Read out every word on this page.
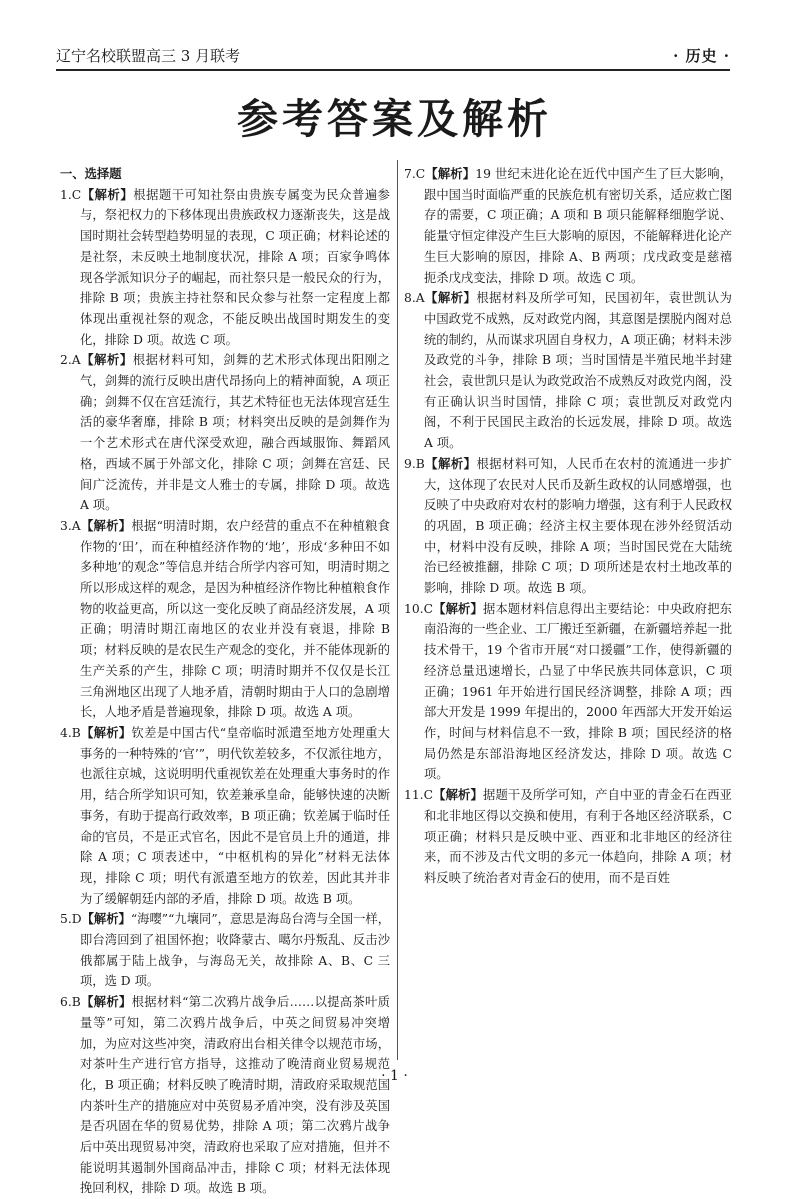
辽宁名校联盟高三 3 月联考	· 历史 ·
参考答案及解析
一、选择题

1.C【解析】根据题干可知社祭由贵族专属变为民众普遍参与，祭祀权力的下移体现出贵族政权力逐渐丧失，这是战国时期社会转型趋势明显的表现，C 项正确；材料论述的是社祭，未反映土地制度状况，排除 A 项；百家争鸣体现各学派知识分子的崛起，而社祭只是一般民众的行为，排除 B 项；贵族主持社祭和民众参与社祭一定程度上都体现出重视社祭的观念，不能反映出战国时期发生的变化，排除 D 项。故选 C 项。

2.A【解析】根据材料可知，剑舞的艺术形式体现出阳刚之气，剑舞的流行反映出唐代昂扬向上的精神面貌，A 项正确；剑舞不仅在宫廷流行，其艺术特征也无法体现宫廷生活的豪华奢靡，排除 B 项；材料突出反映的是剑舞作为一个艺术形式在唐代深受欢迎，融合西域服饰、舞蹈风格，西域不属于外部文化，排除 C 项；剑舞在宫廷、民间广泛流传，并非是文人雅士的专属，排除 D 项。故选 A 项。

3.A【解析】根据“明清时期，农户经营的重点不在种植粮食作物的‘田’，而在种植经济作物的‘地’，形成‘多种田不如多种地’的观念”等信息并结合所学内容可知，明清时期之所以形成这样的观念，是因为种植经济作物比种植粮食作物的收益更高，所以这一变化反映了商品经济发展，A 项正确；明清时期江南地区的农业并没有衰退，排除 B 项；材料反映的是农民生产观念的变化，并不能体现新的生产关系的产生，排除 C 项；明清时期并不仅仅是长江三角洲地区出现了人地矛盾，清朝时期由于人口的急剧增长，人地矛盾是普遍现象，排除 D 项。故选 A 项。

4.B【解析】钦差是中国古代“皇帝临时派遣至地方处理重大事务的一种特殊的‘官’”，明代钦差较多，不仅派往地方，也派往京城，这说明明代重视钦差在处理重大事务时的作用，结合所学知识可知，钦差兼承皇命，能够快速的决断事务，有助于提高行政效率，B 项正确；钦差属于临时任命的官员，不是正式官名，因此不是官员上升的通道，排除 A 项；C 项表述中，“中枢机构的异化”材料无法体现，排除 C 项；明代有派遣至地方的钦差，因此其并非为了缓解朝廷内部的矛盾，排除 D 项。故选 B 项。

5.D【解析】“海嘤”“九壤同”，意思是海岛台湾与全国一样，即台湾回到了祖国怀抱；收降蒙古、噶尔丹叛乱、反击沙俄都属于陆上战争，与海岛无关，故排除 A、B、C 三项，选 D 项。

6.B【解析】根据材料“第二次鸦片战争后……以提高茶叶质量等”可知，第二次鸦片战争后，中英之间贸易冲突增加，为应对这些冲突，清政府出台相关律令以规范市场，对茶叶生产进行官方指导，这推动了晚清商业贸易规范化，B 项正确；材料反映了晚清时期，清政府采取规范国内茶叶生产的措施应对中英贸易矛盾冲突，没有涉及英国是否巩固在华的贸易优势，排除 A 项；第二次鸦片战争后中英出现贸易冲突，清政府也采取了应对措施，但并不能说明其遏制外国商品冲击，排除 C 项；材料无法体现挽回利权，排除 D 项。故选 B 项。

7.C【解析】19 世纪末进化论在近代中国产生了巨大影响，跟中国当时面临严重的民族危机有密切关系，适应救亡图存的需要，C 项正确；A 项和 B 项只能解释细胞学说、能量守恒定律没产生巨大影响的原因，不能解释进化论产生巨大影响的原因，排除 A、B 两项；戊戌政变是慈禧扼杀戊戌变法，排除 D 项。故选 C 项。

8.A【解析】根据材料及所学可知，民国初年，袁世凯认为中国政党不成熟，反对政党内阁，其意图是摆脱内阁对总统的制约，从而谋求巩固自身权力，A 项正确；材料未涉及政党的斗争，排除 B 项；当时国情是半殖民地半封建社会，袁世凯只是认为政党政治不成熟反对政党内阁，没有正确认识当时国情，排除 C 项；袁世凯反对政党内阁，不利于民国民主政治的长远发展，排除 D 项。故选 A 项。

9.B【解析】根据材料可知，人民币在农村的流通进一步扩大，这体现了农民对人民币及新生政权的认同感增强，也反映了中央政府对农村的影响力增强，这有利于人民政权的巩固，B 项正确；经济主权主要体现在涉外经贸活动中，材料中没有反映，排除 A 项；当时国民党在大陆统治已经被推翻，排除 C 项；D 项所述是农村土地改革的影响，排除 D 项。故选 B 项。

10.C【解析】据本题材料信息得出主要结论：中央政府把东南沿海的一些企业、工厂搬迁至新疆，在新疆培养起一批技术骨干，19 个省市开展“对口援疆”工作，使得新疆的经济总量迅速增长，凸显了中华民族共同体意识，C 项正确；1961 年开始进行国民经济调整，排除 A 项；西部大开发是 1999 年提出的，2000 年西部大开发开始运作，时间与材料信息不一致，排除 B 项；国民经济的格局仍然是东部沿海地区经济发达，排除 D 项。故选 C 项。

11.C【解析】据题干及所学可知，产自中亚的青金石在西亚和北非地区得以交换和使用，有利于各地区经济联系，C 项正确；材料只是反映中亚、西亚和北非地区的经济往来，而不涉及古代文明的多元一体趋向，排除 A 项；材料反映了统治者对青金石的使用，而不是百姓

· 1 ·
